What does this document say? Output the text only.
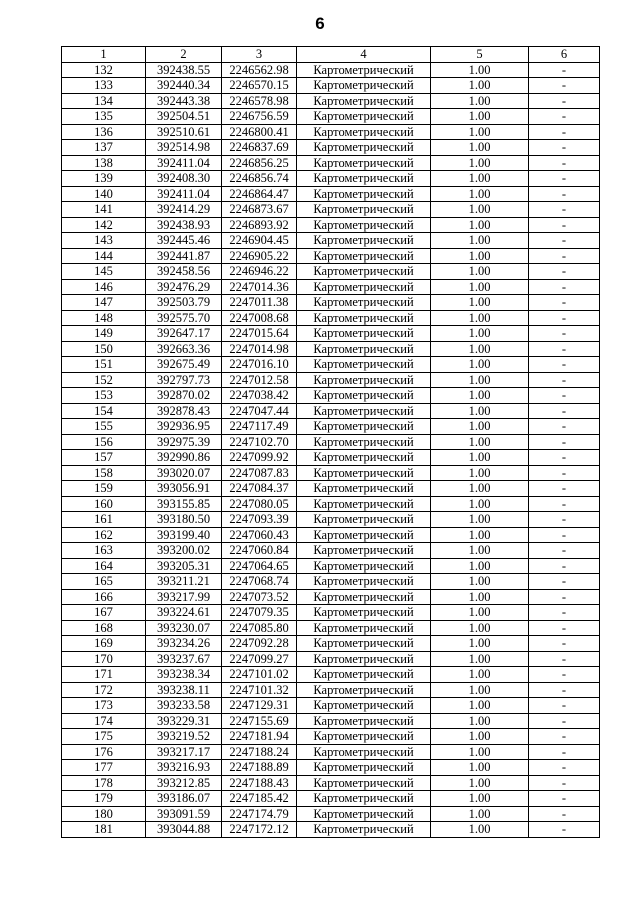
6
1	2	3	4	5	6
132	392438.55	2246562.98	Картометрический	1.00	-
133	392440.34	2246570.15	Картометрический	1.00	-
134	392443.38	2246578.98	Картометрический	1.00	-
135	392504.51	2246756.59	Картометрический	1.00	-
136	392510.61	2246800.41	Картометрический	1.00	-
137	392514.98	2246837.69	Картометрический	1.00	-
138	392411.04	2246856.25	Картометрический	1.00	-
139	392408.30	2246856.74	Картометрический	1.00	-
140	392411.04	2246864.47	Картометрический	1.00	-
141	392414.29	2246873.67	Картометрический	1.00	-
142	392438.93	2246893.92	Картометрический	1.00	-
143	392445.46	2246904.45	Картометрический	1.00	-
144	392441.87	2246905.22	Картометрический	1.00	-
145	392458.56	2246946.22	Картометрический	1.00	-
146	392476.29	2247014.36	Картометрический	1.00	-
147	392503.79	2247011.38	Картометрический	1.00	-
148	392575.70	2247008.68	Картометрический	1.00	-
149	392647.17	2247015.64	Картометрический	1.00	-
150	392663.36	2247014.98	Картометрический	1.00	-
151	392675.49	2247016.10	Картометрический	1.00	-
152	392797.73	2247012.58	Картометрический	1.00	-
153	392870.02	2247038.42	Картометрический	1.00	-
154	392878.43	2247047.44	Картометрический	1.00	-
155	392936.95	2247117.49	Картометрический	1.00	-
156	392975.39	2247102.70	Картометрический	1.00	-
157	392990.86	2247099.92	Картометрический	1.00	-
158	393020.07	2247087.83	Картометрический	1.00	-
159	393056.91	2247084.37	Картометрический	1.00	-
160	393155.85	2247080.05	Картометрический	1.00	-
161	393180.50	2247093.39	Картометрический	1.00	-
162	393199.40	2247060.43	Картометрический	1.00	-
163	393200.02	2247060.84	Картометрический	1.00	-
164	393205.31	2247064.65	Картометрический	1.00	-
165	393211.21	2247068.74	Картометрический	1.00	-
166	393217.99	2247073.52	Картометрический	1.00	-
167	393224.61	2247079.35	Картометрический	1.00	-
168	393230.07	2247085.80	Картометрический	1.00	-
169	393234.26	2247092.28	Картометрический	1.00	-
170	393237.67	2247099.27	Картометрический	1.00	-
171	393238.34	2247101.02	Картометрический	1.00	-
172	393238.11	2247101.32	Картометрический	1.00	-
173	393233.58	2247129.31	Картометрический	1.00	-
174	393229.31	2247155.69	Картометрический	1.00	-
175	393219.52	2247181.94	Картометрический	1.00	-
176	393217.17	2247188.24	Картометрический	1.00	-
177	393216.93	2247188.89	Картометрический	1.00	-
178	393212.85	2247188.43	Картометрический	1.00	-
179	393186.07	2247185.42	Картометрический	1.00	-
180	393091.59	2247174.79	Картометрический	1.00	-
181	393044.88	2247172.12	Картометрический	1.00	-
